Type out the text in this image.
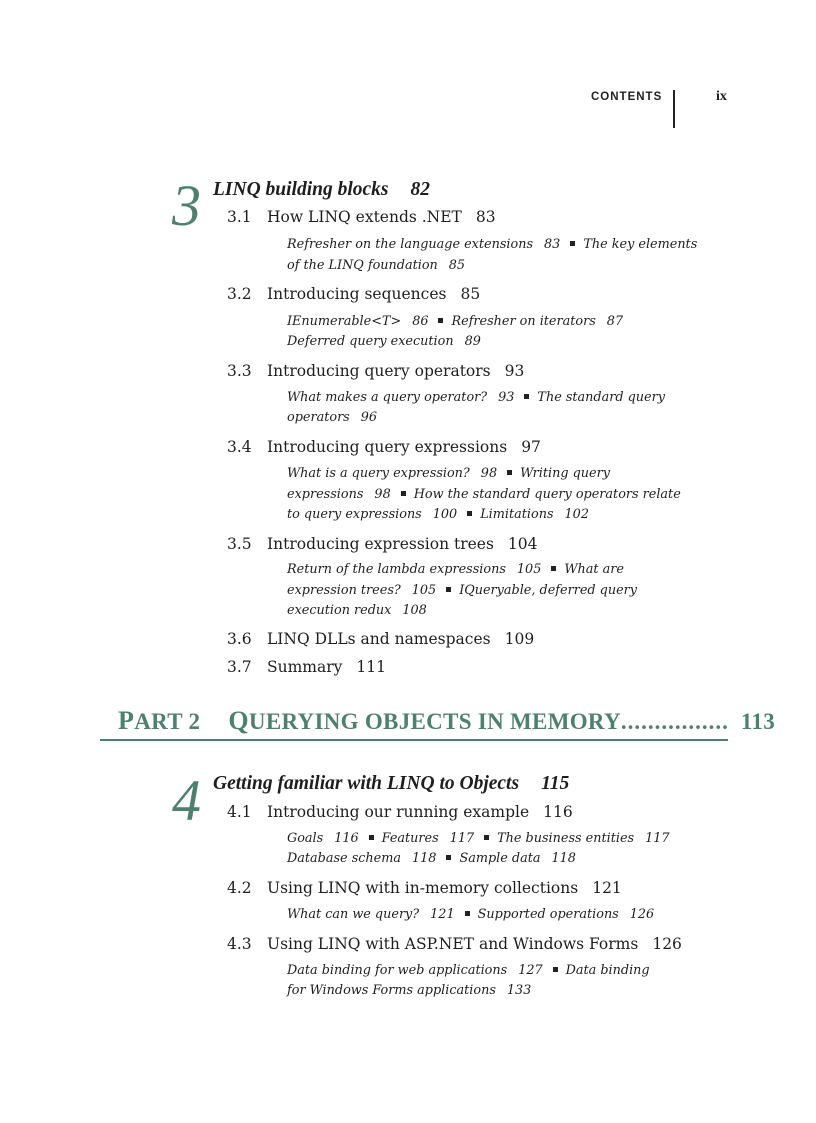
CONTENTS	ix
3 LINQ building blocks 82
3.1 How LINQ extends .NET 83
Refresher on the language extensions 83 The key elements
of the LINQ foundation 85
3.2 Introducing sequences 85
IEnumerable<T> 86 Refresher on iterators 87
Deferred query execution 89
3.3 Introducing query operators 93
What makes a query operator? 93 The standard query
operators 96
3.4 Introducing query expressions 97
What is a query expression? 98 Writing query
expressions 98 How the standard query operators relate
to query expressions 100 Limitations 102
3.5 Introducing expression trees 104
Return of the lambda expressions 105 What are
expression trees? 105 IQueryable, deferred query
execution redux 108
3.6 LINQ DLLs and namespaces 109
3.7 Summary 111
PART 2 QUERYING OBJECTS IN MEMORY................ 113
4 Getting familiar with LINQ to Objects 115
4.1 Introducing our running example 116
Goals 116 Features 117 The business entities 117
Database schema 118 Sample data 118
4.2 Using LINQ with in-memory collections 121
What can we query? 121 Supported operations 126
4.3 Using LINQ with ASP.NET and Windows Forms 126
Data binding for web applications 127 Data binding
for Windows Forms applications 133
